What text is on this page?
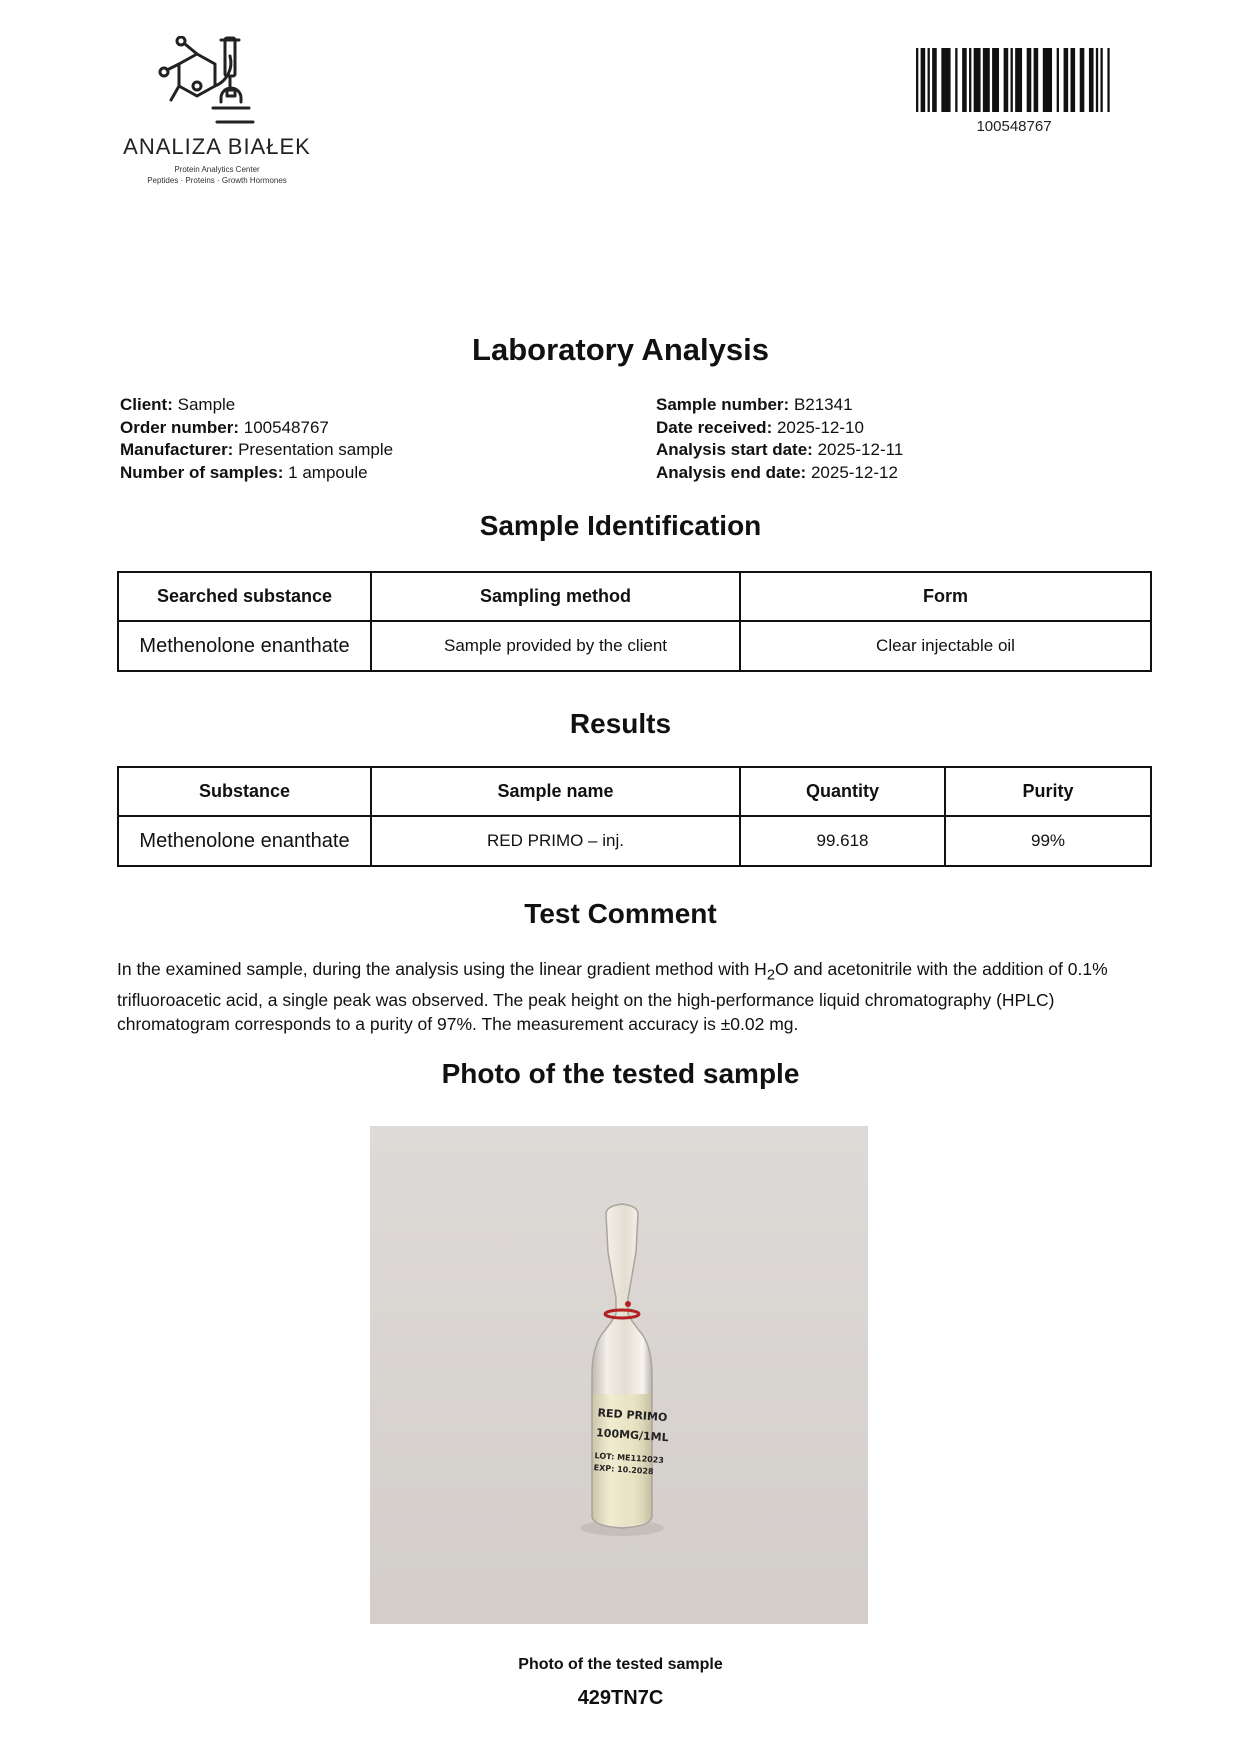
ANALIZA BIAŁEK
Protein Analytics Center
Peptides · Proteins · Growth Hormones
100548767
Laboratory Analysis
Client: Sample
Order number: 100548767
Manufacturer: Presentation sample
Number of samples: 1 ampoule
Sample number: B21341
Date received: 2025-12-10
Analysis start date: 2025-12-11
Analysis end date: 2025-12-12
Sample Identification
Searched substance	Sampling method	Form
Methenolone enanthate	Sample provided by the client	Clear injectable oil
Results
Substance	Sample name	Quantity	Purity
Methenolone enanthate	RED PRIMO – inj.	99.618	99%
Test Comment

In the examined sample, during the analysis using the linear gradient method with $H_2O$ and acetonitrile with the addition of 0.1% trifluoroacetic acid, a single peak was observed. The peak height on the high-performance liquid chromatography (HPLC) chromatogram corresponds to a purity of 97%. The measurement accuracy is ±0.02 mg.

Photo of the tested sample
RED PRIMO
100MG/1ML
LOT: ME112023
EXP: 10.2028
Photo of the tested sample
429TN7C
